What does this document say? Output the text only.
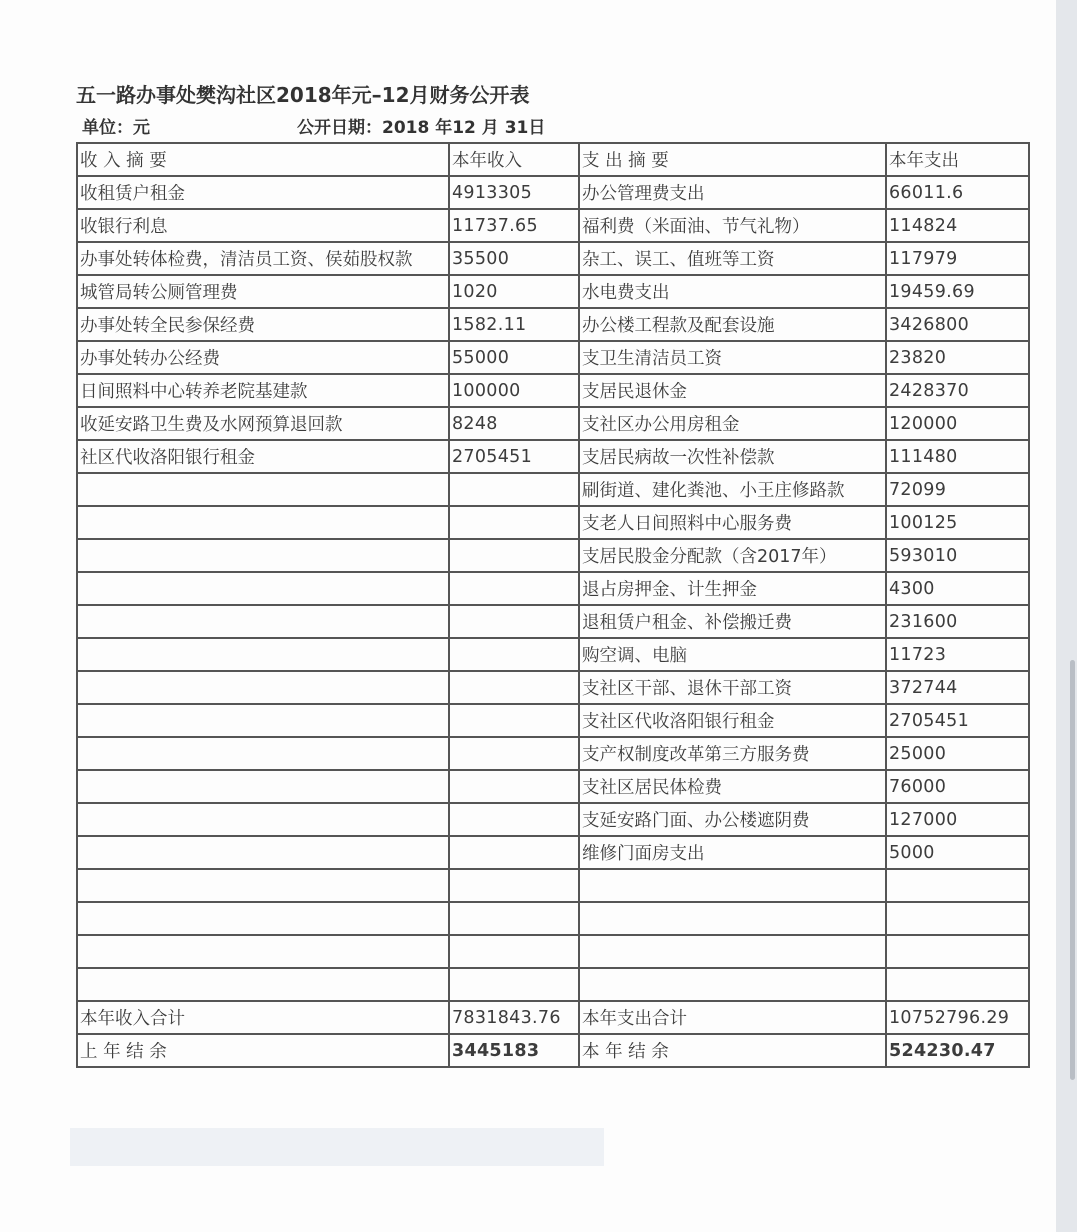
五一路办事处樊沟社区2018年元–12月财务公开表
单位：元	公开日期：2018 年12 月 31日
收 入 摘 要	本年收入	支 出 摘 要	本年支出
收租赁户租金	4913305	办公管理费支出	66011.6
收银行利息	11737.65	福利费（米面油、节气礼物）	114824
办事处转体检费，清洁员工资、侯茹股权款	35500	杂工、误工、值班等工资	117979
城管局转公厕管理费	1020	水电费支出	19459.69
办事处转全民参保经费	1582.11	办公楼工程款及配套设施	3426800
办事处转办公经费	55000	支卫生清洁员工资	23820
日间照料中心转养老院基建款	100000	支居民退休金	2428370
收延安路卫生费及水网预算退回款	8248	支社区办公用房租金	120000
社区代收洛阳银行租金	2705451	支居民病故一次性补偿款	111480
		刷街道、建化粪池、小王庄修路款	72099
		支老人日间照料中心服务费	100125
		支居民股金分配款（含2017年）	593010
		退占房押金、计生押金	4300
		退租赁户租金、补偿搬迁费	231600
		购空调、电脑	11723
		支社区干部、退休干部工资	372744
		支社区代收洛阳银行租金	2705451
		支产权制度改革第三方服务费	25000
		支社区居民体检费	76000
		支延安路门面、办公楼遮阴费	127000
		维修门面房支出	5000

本年收入合计	7831843.76	本年支出合计	10752796.29
上 年 结 余	3445183	本 年 结 余	524230.47
